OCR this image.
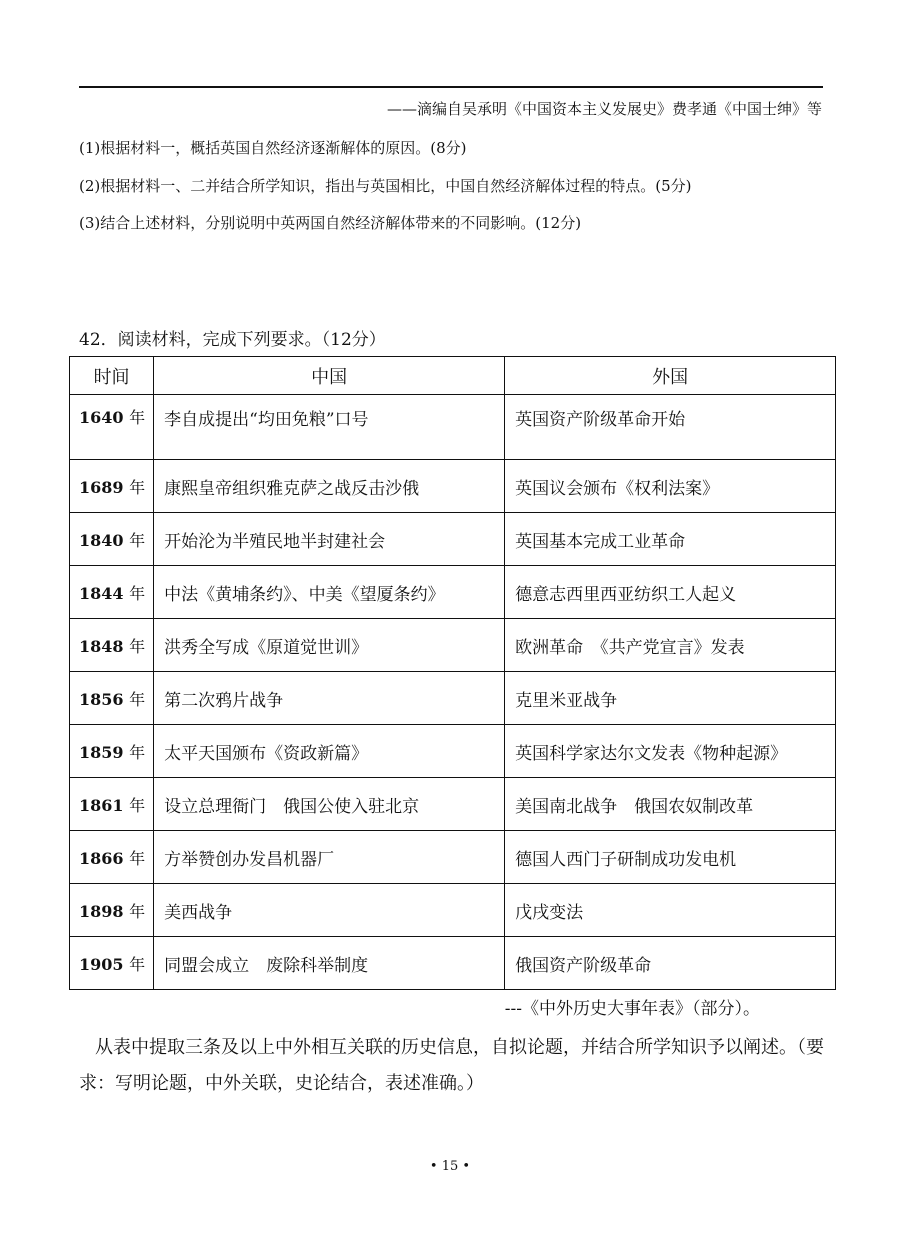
——滴编自吴承明《中国资本主义发展史》费孝通《中国士绅》等
(1)根据材料一，概括英国自然经济逐渐解体的原因。(8分)
(2)根据材料一、二并结合所学知识，指出与英国相比，中国自然经济解体过程的特点。(5分)
(3)结合上述材料，分别说明中英两国自然经济解体带来的不同影响。(12分)
42．阅读材料，完成下列要求。（12分）
时间	中国	外国
1640 年	李自成提出“均田免粮”口号	英国资产阶级革命开始
1689 年	康熙皇帝组织雅克萨之战反击沙俄	英国议会颁布《权利法案》
1840 年	开始沦为半殖民地半封建社会	英国基本完成工业革命
1844 年	中法《黄埔条约》、中美《望厦条约》	德意志西里西亚纺织工人起义
1848 年	洪秀全写成《原道觉世训》	欧洲革命　《共产党宣言》发表
1856 年	第二次鸦片战争	克里米亚战争
1859 年	太平天国颁布《资政新篇》	英国科学家达尔文发表《物种起源》
1861 年	设立总理衙门　俄国公使入驻北京	美国南北战争　俄国农奴制改革
1866 年	方举赞创办发昌机器厂	德国人西门子研制成功发电机
1898 年	美西战争	戊戌变法
1905 年	同盟会成立　废除科举制度	俄国资产阶级革命
---《中外历史大事年表》（部分）。
从表中提取三条及以上中外相互关联的历史信息，自拟论题，并结合所学知识予以阐述。（要求：写明论题，中外关联，史论结合，表述准确。）
• 15 •
